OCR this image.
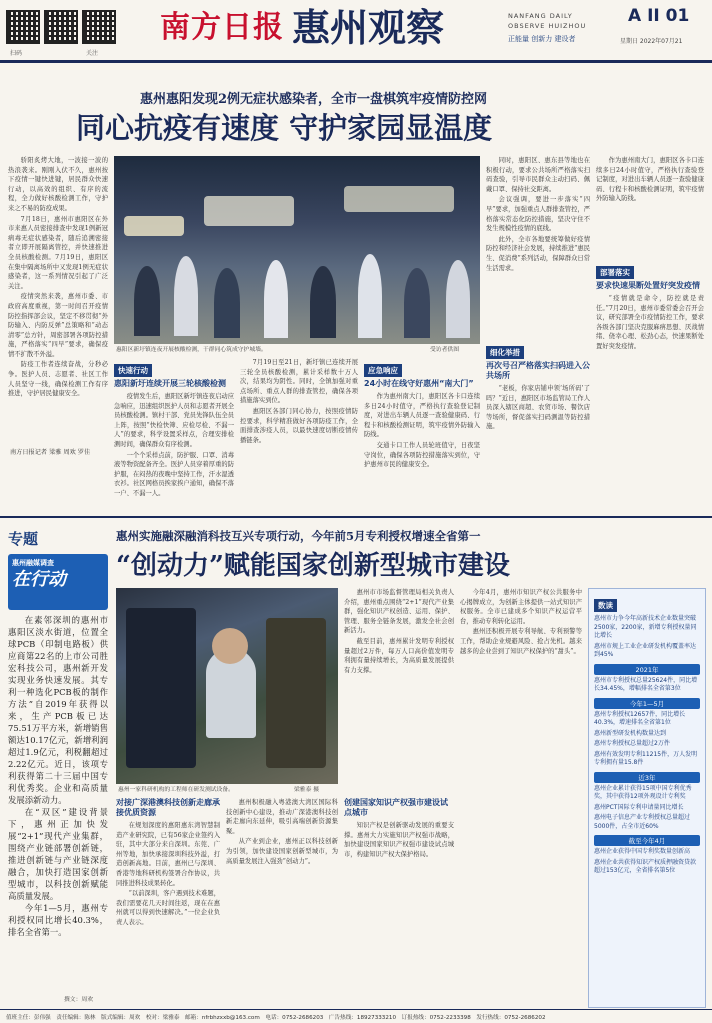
扫码	关注
南方日报 惠州观察	NANFANG DAILY
OBSERVE HUIZHOU
正能量 创新力 建设者
A II 01
星期日 2022年07月21
惠州惠阳发现2例无症状感染者，全市一盘棋筑牢疫情防控网
同心抗疫有速度 守护家园显温度

骄阳炙烤大地，一波接一波的热浪袭来。刚刚入伏不久，惠州按下疫情一键快进键，居民群众快速行动，以高效的组织、有序的流程，全力做好核酸检测工作，守护来之不易的防疫成果。

7月18日，惠州市惠阳区在外市来惠人员密接排查中发现1例新冠病毒无症状感染者，随后追溯密接者立即开展隔离管控，并快速推进全员核酸检测。7月19日，惠阳区在集中隔离场所中又发现1例无症状感染者，这一系列情况引起了广泛关注。

疫情突然来袭，惠州市委、市政府高度重视，第一时间召开疫情防控指挥部会议，坚定不移贯彻“外防输入、内防反弹”总策略和“动态清零”总方针，周密部署各项防控措施，严格落实“四早”要求，确保疫情不扩散不外溢。

防疫工作者连续奋战，分秒必争。医护人员、志愿者、社区工作人员坚守一线，确保检测工作有序推进，守护居民健康安全。

南方日报记者 梁雅 周欢 罗佳
惠阳区新圩镇连夜开展核酸检测，干群同心筑成守护城墙。	受访者供图
快速行动
惠阳新圩连续开展三轮核酸检测

疫情发生后，惠阳区新圩镇连夜启动应急响应，迅速组织医护人员和志愿者开展全员核酸检测。镇村干部、党员先锋队伍全员上阵，按照“快检快筛、应检尽检、不漏一人”的要求，科学设置采样点，合理安排检测时间，确保群众有序检测。

一个个采样点前，防护服、口罩、消毒液等物资配备齐全。医护人员穿着厚重的防护服，在闷热的夜晚中坚持工作，汗水湿透衣衫。社区网格员挨家挨户通知，确保不落一户、不漏一人。

7月19日至21日，新圩镇已连续开展三轮全员核酸检测，累计采样数十万人次，结果均为阴性。同时，全镇加强对重点场所、重点人群的排查管控，确保各项措施落实到位。

惠阳区各部门同心协力，按照疫情防控要求，科学精准做好各项防疫工作，全面排查涉疫人员，以最快速度切断疫情传播链条。

应急响应
24小时在线守好惠州“南大门”

作为惠州南大门，惠阳区各卡口连续多日24小时值守，严格执行查验登记制度，对进出车辆人员逐一查验健康码、行程卡和核酸检测证明，筑牢疫情外防输入防线。

交通卡口工作人员轮班值守，日夜坚守岗位，确保各项防控措施落实到位，守护惠州市民的健康安全。

同时，惠阳区、惠东县等地也在积极行动，要求公共场所严格落实扫码查验，引导市民群众主动扫码、佩戴口罩、保持社交距离。

会议强调，要进一步落实“四早”要求，加强重点人群排查管控，严格落实常态化防控措施，坚决守住不发生规模性疫情的底线。

此外，全市各地要统筹做好疫情防控和经济社会发展，持续推进“惠民生、促消费”系列活动，保障群众日常生活需求。

细化举措
再次号召严格落实扫码进入公共场所

“老板，你家店铺申领‘场所码’了吗？”近日，惠阳区市场监管局工作人员深入辖区商超、农贸市场、餐饮店等场所，督促落实扫码测温等防控措施。

部署落实
要求快速果断处置好突发疫情

“疫情就是命令，防控就是责任。”7月20日，惠州市委常委会召开会议，研究部署全市疫情防控工作，要求各级各部门坚决克服麻痹思想、厌战情绪、侥幸心理、松劲心态，快速果断处置好突发疫情。

作为惠州南大门，惠阳区各卡口连续多日24小时值守，严格执行查验登记制度，对进出车辆人员逐一查验健康码、行程卡和核酸检测证明，筑牢疫情外防输入防线。

专题
惠州融媒调查
在行动
惠州实施融深融消科技互兴专项行动，今年前5月专利授权增速全省第一
“创动力”赋能国家创新型城市建设

在素邻深圳的惠州市惠阳区淡水街道，位置全球PCB（印制电路板）供应商第22名的上市公司胜宏科技公司，惠州新开发实现业务快速发展。其专利一种选化PCB板的制作方法”自2019年获得以来，生产PCB板已达75.51万平方米，新增销售额达10.17亿元，新增利润超过1.9亿元，利税翻超过2.22亿元。近日，该项专利获得第二十三届中国专利优秀奖。企业和高质量发展添新动力。

在“双区”建设背景下，惠州正加快发展“2+1”现代产业集群，围绕产业链部署创新链，推进创新链与产业链深度融合，加快打造国家创新型城市，以科技创新赋能高质量发展。

今年1—5月，惠州专利授权同比增长40.3%，排名全省第一。

撰文：周欢
惠州一家科研机构的工程师在研发测试设备。	梁雅泰 摄
对接广深港澳科技创新走廊承接优质资源

在规划深度的惠阳惠东湾智慧制造产业研究院，已有56家企业签约入驻，其中大部分来自深圳。东莞、广州等地，加快承接深圳科技外溢，打造创新高地。目前，惠州已与深圳、香港等地科研机构签署合作协议，共同推进科技成果转化。

“以前深圳，客户遇到技术难题，我们需要花几天时间往返，现在在惠州就可以得到快速解决。”一位企业负责人表示。

惠州积极融入粤港澳大湾区国际科技创新中心建设，推动广深港澳科技创新走廊向东延伸，吸引高端创新资源集聚。

从产业到企业，惠州正以科技创新为引领，加快建设国家创新型城市，为高质量发展注入强劲“创动力”。

惠州市市场监督管理局相关负责人介绍，惠州重点围绕“2+1”现代产业集群，强化知识产权创造、运用、保护、管理、服务全链条发展，激发全社会创新活力。

截至目前，惠州累计发明专利授权量超过2万件，每万人口高价值发明专利拥有量持续增长，为高质量发展提供有力支撑。

创建国家知识产权强市建设试点城市

知识产权是创新驱动发展的重要支撑。惠州大力实施知识产权强市战略，加快建设国家知识产权强市建设试点城市，构建知识产权大保护格局。

今年4月，惠州市知识产权公共服务中心揭牌成立，为创新主体提供一站式知识产权服务。全市已建成多个知识产权运营平台，推动专利转化运用。

惠州还积极开展专利导航、专利预警等工作，帮助企业规避风险、抢占先机。越来越多的企业尝到了知识产权保护的“甜头”。

数读
惠州市力争今年高新技术企业数量突破2500家，2200家，新增专利授权量同比增长
惠州市规上工业企业研发机构覆盖率达到45%
2021年
惠州市专利授权总量25624件，同比增长34.45%，增幅排名全省第3位
今年1—5月
惠州专利授权12657件，同比增长40.3%，增速排名全省第1位
惠州新型研发机构数量达到
惠州专利授权总量超过2万件
惠州有效发明专利11215件，万人发明专利拥有量15.8件
近3年
惠州企业累计获得15项中国专利优秀奖，其中获得12项外观设计专利奖
惠州PCT国际专利申请量同比增长
惠州电子信息产业专利授权总量超过5000件，占全市近60%
截至今年4月
惠州企业获得中国专利奖数量创新高
惠州企业共获得知识产权质押融资贷款超过153亿元，全省排名第5位
值班主任：彭伟强　责任编辑：陈林　版式编辑：周欢　校对：梁雅泰　邮箱：nfrbhzxxb@163.com　电话：0752-2686203　广告热线：18927333210　订报热线：0752-2233398　发行热线：0752-2686202
